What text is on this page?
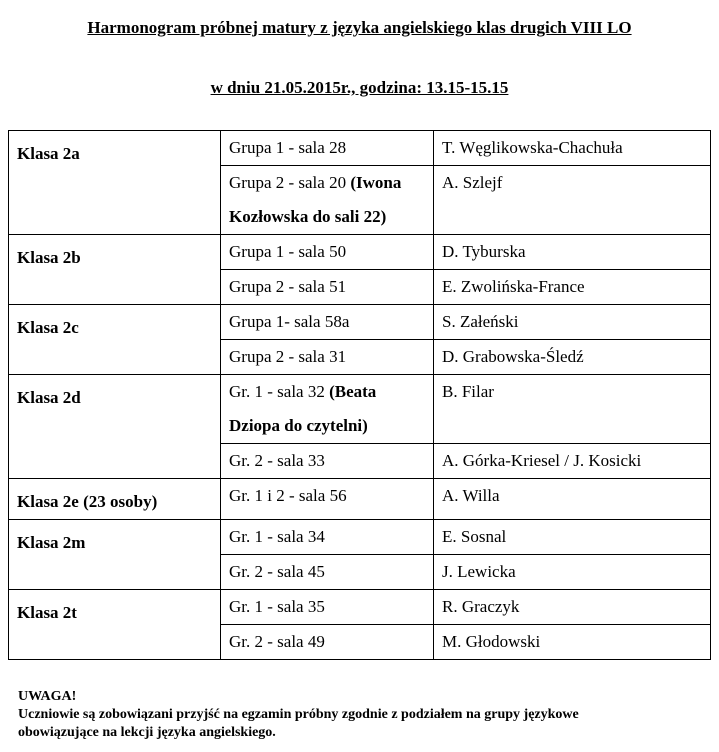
Harmonogram próbnej matury z języka angielskiego klas drugich VIII LO
w dniu 21.05.2015r., godzina: 13.15-15.15
Klasa 2a	Grupa 1 - sala 28	T. Węglikowska-Chachuła
	Grupa 2 - sala 20 (Iwona Kozłowska do sali 22)	A. Szlejf
Klasa 2b	Grupa 1 - sala 50	D. Tyburska
	Grupa 2 - sala 51	E. Zwolińska-France
Klasa 2c	Grupa 1- sala 58a	S. Załeński
	Grupa 2 - sala 31	D. Grabowska-Śledź
Klasa 2d	Gr. 1 - sala 32 (Beata Dziopa do czytelni)	B. Filar
	Gr. 2 - sala 33	A. Górka-Kriesel / J. Kosicki
Klasa 2e (23 osoby)	Gr. 1 i 2 - sala 56	A. Willa
Klasa 2m	Gr. 1 - sala 34	E. Sosnal
	Gr. 2 - sala 45	J. Lewicka
Klasa 2t	Gr. 1 - sala 35	R. Graczyk
	Gr. 2 - sala 49	M. Głodowski
UWAGA!
Uczniowie są zobowiązani przyjść na egzamin próbny zgodnie z podziałem na grupy językowe
obowiązujące na lekcji języka angielskiego.
